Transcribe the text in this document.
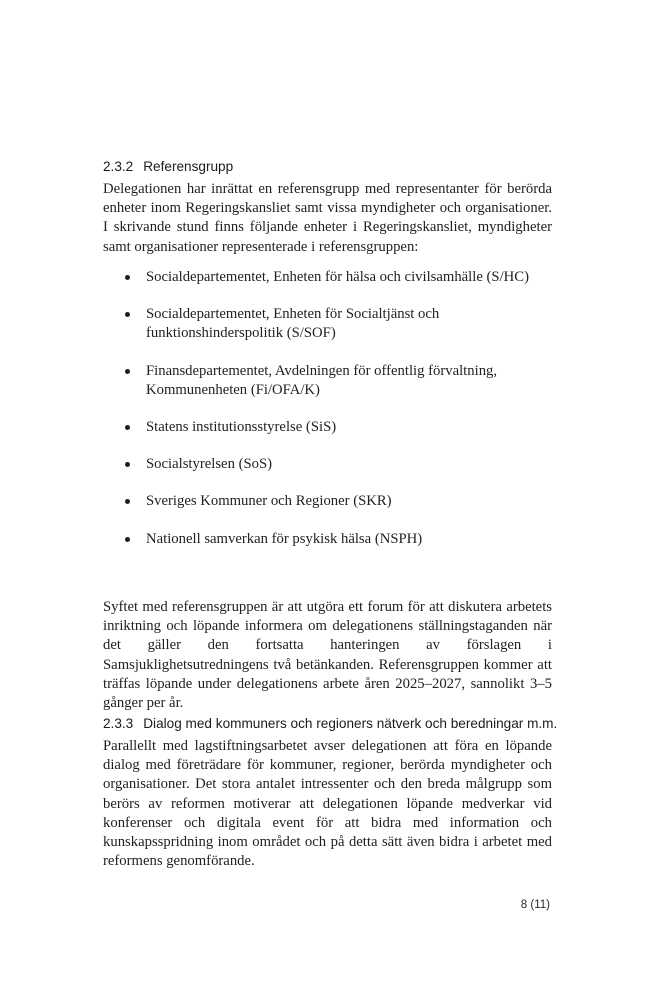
2.3.2 Referensgrupp

Delegationen har inrättat en referensgrupp med representanter för berörda enheter inom Regeringskansliet samt vissa myndigheter och organisationer. I skrivande stund finns följande enheter i Regeringskansliet, myndigheter samt organisationer representerade i referensgruppen:

Socialdepartementet, Enheten för hälsa och civilsamhälle (S/HC)
Socialdepartementet, Enheten för Socialtjänst och funktionshinderspolitik (S/SOF)
Finansdepartementet, Avdelningen för offentlig förvaltning, Kommunenheten (Fi/OFA/K)
Statens institutionsstyrelse (SiS)
Socialstyrelsen (SoS)
Sveriges Kommuner och Regioner (SKR)
Nationell samverkan för psykisk hälsa (NSPH)

Syftet med referensgruppen är att utgöra ett forum för att diskutera arbetets inriktning och löpande informera om delegationens ställningstaganden när det gäller den fortsatta hanteringen av förslagen i Samsjuklighetsutredningens två betänkanden. Referensgruppen kommer att träffas löpande under delegationens arbete åren 2025–2027, sannolikt 3–5 gånger per år.

2.3.3 Dialog med kommuners och regioners nätverk och beredningar m.m.

Parallellt med lagstiftningsarbetet avser delegationen att föra en löpande dialog med företrädare för kommuner, regioner, berörda myndigheter och organisationer. Det stora antalet intressenter och den breda målgrupp som berörs av reformen motiverar att delegationen löpande medverkar vid konferenser och digitala event för att bidra med information och kunskapsspridning inom området och på detta sätt även bidra i arbetet med reformens genomförande.

8 (11)
